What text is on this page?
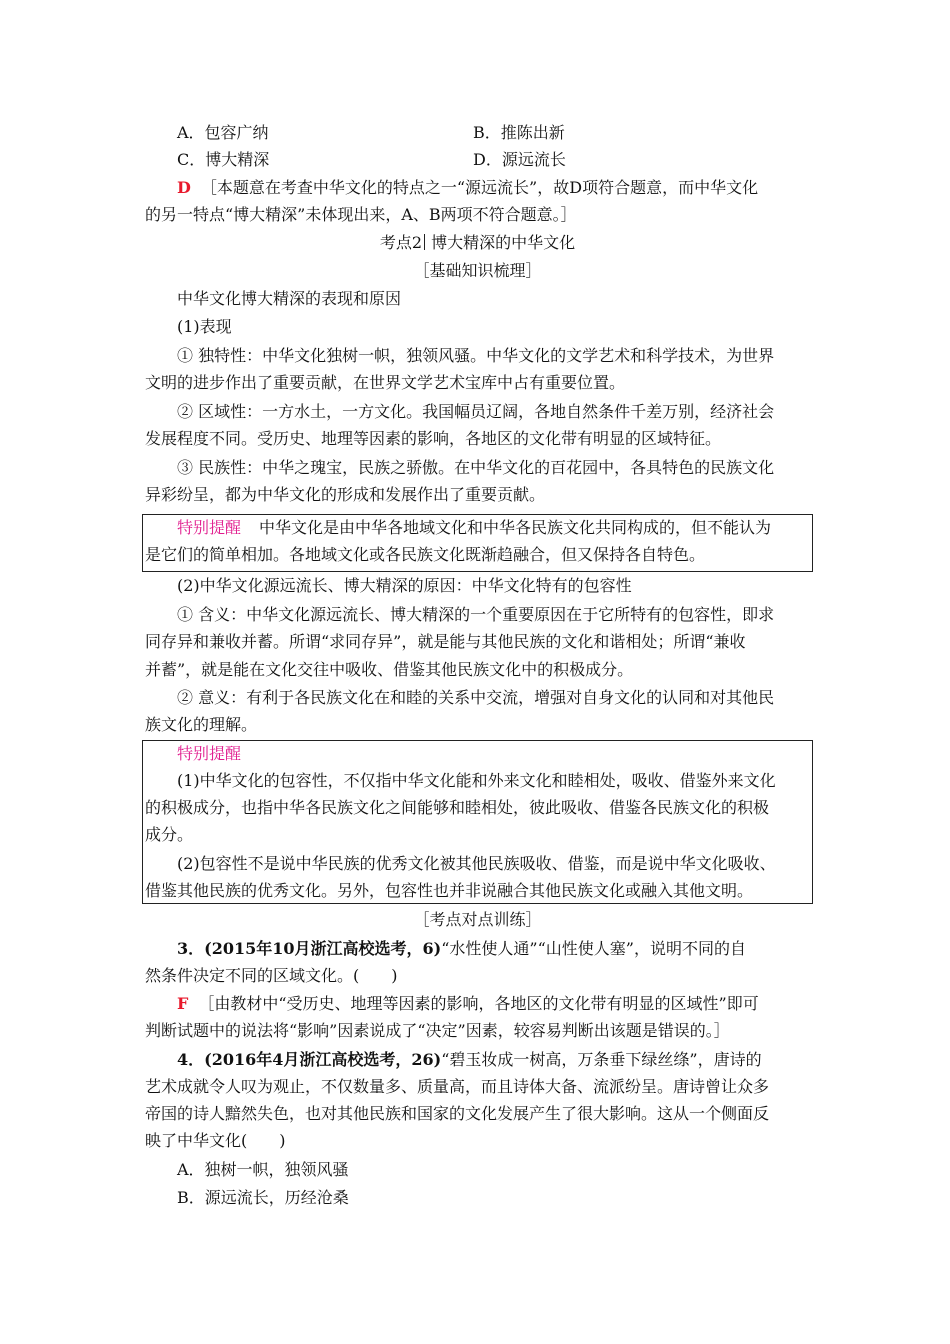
A．包容广纳	B．推陈出新
C．博大精深	D．源远流长
D ［本题意在考查中华文化的特点之一“源远流长”，故D项符合题意，而中华文化
的另一特点“博大精深”未体现出来，A、B两项不符合题意。］
考点2 博大精深的中华文化
［基础知识梳理］
中华文化博大精深的表现和原因
(1)表现
① 独特性：中华文化独树一帜，独领风骚。中华文化的文学艺术和科学技术，为世界
文明的进步作出了重要贡献，在世界文学艺术宝库中占有重要位置。
② 区域性：一方水土，一方文化。我国幅员辽阔，各地自然条件千差万别，经济社会
发展程度不同。受历史、地理等因素的影响，各地区的文化带有明显的区域特征。
③ 民族性：中华之瑰宝，民族之骄傲。在中华文化的百花园中，各具特色的民族文化
异彩纷呈，都为中华文化的形成和发展作出了重要贡献。
特别提醒 中华文化是由中华各地域文化和中华各民族文化共同构成的，但不能认为
是它们的简单相加。各地域文化或各民族文化既渐趋融合，但又保持各自特色。
(2)中华文化源远流长、博大精深的原因：中华文化特有的包容性
① 含义：中华文化源远流长、博大精深的一个重要原因在于它所特有的包容性，即求
同存异和兼收并蓄。所谓“求同存异”，就是能与其他民族的文化和谐相处；所谓“兼收
并蓄”，就是能在文化交往中吸收、借鉴其他民族文化中的积极成分。
② 意义：有利于各民族文化在和睦的关系中交流，增强对自身文化的认同和对其他民
族文化的理解。
特别提醒
(1)中华文化的包容性，不仅指中华文化能和外来文化和睦相处，吸收、借鉴外来文化
的积极成分，也指中华各民族文化之间能够和睦相处，彼此吸收、借鉴各民族文化的积极
成分。
(2)包容性不是说中华民族的优秀文化被其他民族吸收、借鉴，而是说中华文化吸收、
借鉴其他民族的优秀文化。另外，包容性也并非说融合其他民族文化或融入其他文明。
［考点对点训练］
3．(2015年10月浙江高校选考，6)“水性使人通”“山性使人塞”，说明不同的自
然条件决定不同的区域文化。(　　)
F ［由教材中“受历史、地理等因素的影响，各地区的文化带有明显的区域性”即可
判断试题中的说法将“影响”因素说成了“决定”因素，较容易判断出该题是错误的。］
4．(2016年4月浙江高校选考，26)“碧玉妆成一树高，万条垂下绿丝绦”，唐诗的
艺术成就令人叹为观止，不仅数量多、质量高，而且诗体大备、流派纷呈。唐诗曾让众多
帝国的诗人黯然失色，也对其他民族和国家的文化发展产生了很大影响。这从一个侧面反
映了中华文化(　　)
A．独树一帜，独领风骚
B．源远流长，历经沧桑
